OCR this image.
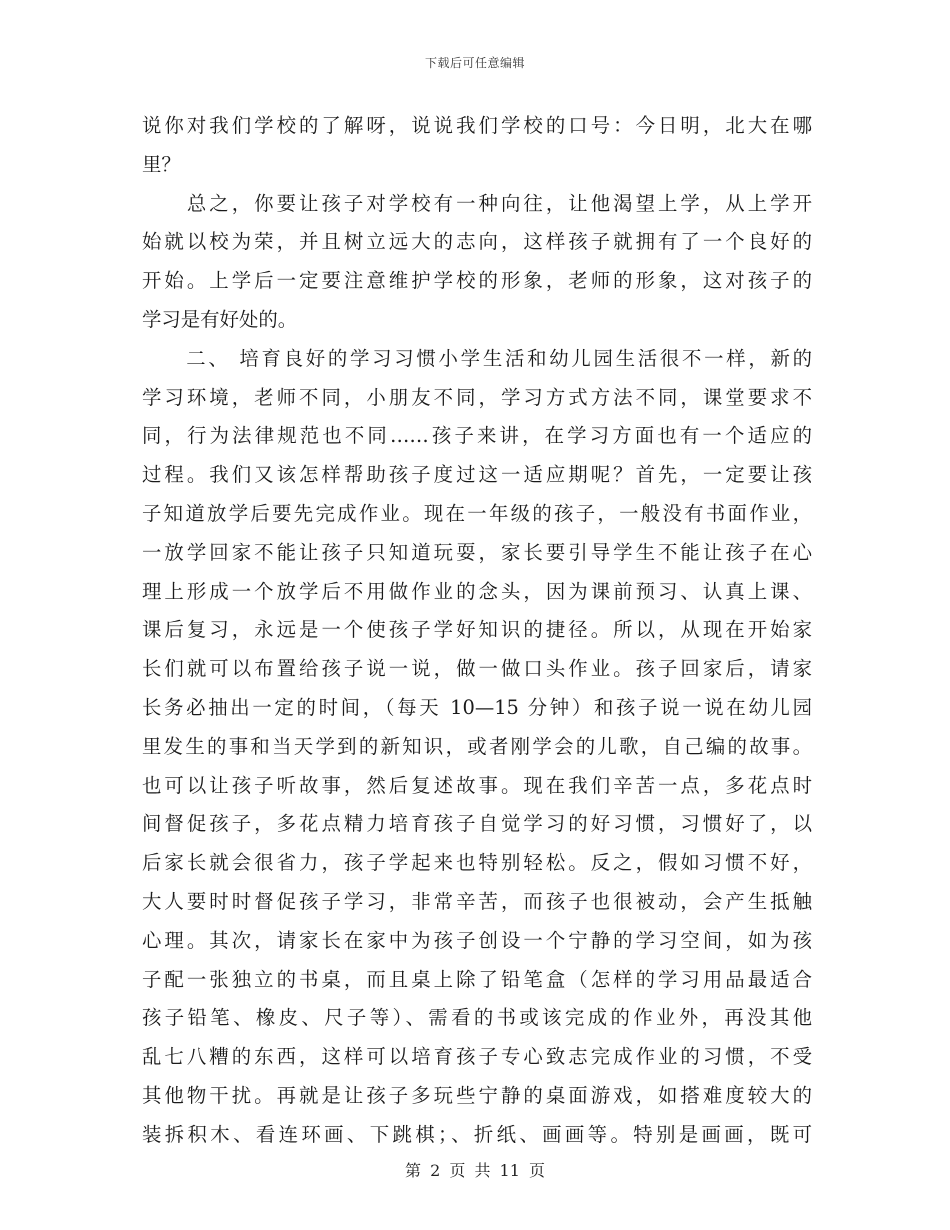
下载后可任意编辑
说你对我们学校的了解呀，说说我们学校的口号：今日明，北大在哪
里？
　　总之，你要让孩子对学校有一种向往，让他渴望上学，从上学开
始就以校为荣，并且树立远大的志向，这样孩子就拥有了一个良好的
开始。上学后一定要注意维护学校的形象，老师的形象，这对孩子的
学习是有好处的。
　　二、 培育良好的学习习惯小学生活和幼儿园生活很不一样，新的
学习环境，老师不同，小朋友不同，学习方式方法不同，课堂要求不
同，行为法律规范也不同……孩子来讲，在学习方面也有一个适应的
过程。我们又该怎样帮助孩子度过这一适应期呢？首先，一定要让孩
子知道放学后要先完成作业。现在一年级的孩子，一般没有书面作业，
一放学回家不能让孩子只知道玩耍，家长要引导学生不能让孩子在心
理上形成一个放学后不用做作业的念头，因为课前预习、认真上课、
课后复习，永远是一个使孩子学好知识的捷径。所以，从现在开始家
长们就可以布置给孩子说一说，做一做口头作业。孩子回家后，请家
长务必抽出一定的时间，（每天 10—15 分钟）和孩子说一说在幼儿园
里发生的事和当天学到的新知识，或者刚学会的儿歌，自己编的故事。
也可以让孩子听故事，然后复述故事。现在我们辛苦一点，多花点时
间督促孩子，多花点精力培育孩子自觉学习的好习惯，习惯好了，以
后家长就会很省力，孩子学起来也特别轻松。反之，假如习惯不好，
大人要时时督促孩子学习，非常辛苦，而孩子也很被动，会产生抵触
心理。其次，请家长在家中为孩子创设一个宁静的学习空间，如为孩
子配一张独立的书桌，而且桌上除了铅笔盒（怎样的学习用品最适合
孩子铅笔、橡皮、尺子等）、需看的书或该完成的作业外，再没其他
乱七八糟的东西，这样可以培育孩子专心致志完成作业的习惯，不受
其他物干扰。再就是让孩子多玩些宁静的桌面游戏，如搭难度较大的
装拆积木、看连环画、下跳棋；、折纸、画画等。特别是画画，既可
第 2 页 共 11 页
